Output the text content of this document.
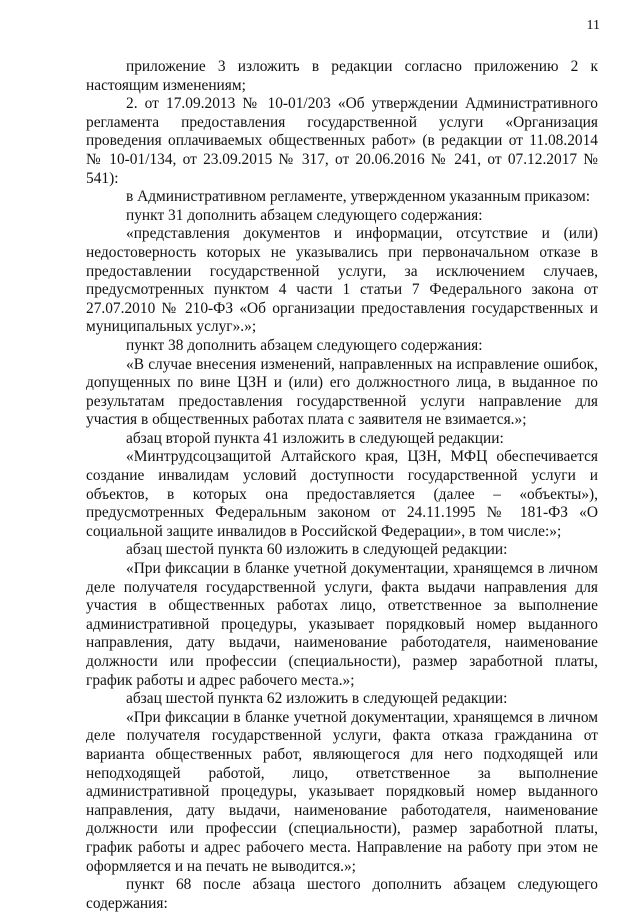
11

приложение 3 изложить в редакции согласно приложению 2 к настоящим изменениям;

2. от 17.09.2013 № 10-01/203 «Об утверждении Административного регламента предоставления государственной услуги «Организация проведения оплачиваемых общественных работ» (в редакции от 11.08.2014 № 10-01/134, от 23.09.2015 № 317, от 20.06.2016 № 241, от 07.12.2017 № 541):

в Административном регламенте, утвержденном указанным приказом:

пункт 31 дополнить абзацем следующего содержания:

«представления документов и информации, отсутствие и (или) недостоверность которых не указывались при первоначальном отказе в предоставлении государственной услуги, за исключением случаев, предусмотренных пунктом 4 части 1 статьи 7 Федерального закона от 27.07.2010 № 210-ФЗ «Об организации предоставления государственных и муниципальных услуг».»;

пункт 38 дополнить абзацем следующего содержания:

«В случае внесения изменений, направленных на исправление ошибок, допущенных по вине ЦЗН и (или) его должностного лица, в выданное по результатам предоставления государственной услуги направление для участия в общественных работах плата с заявителя не взимается.»;

абзац второй пункта 41 изложить в следующей редакции:

«Минтрудсоцзащитой Алтайского края, ЦЗН, МФЦ обеспечивается создание инвалидам условий доступности государственной услуги и объектов, в которых она предоставляется (далее – «объекты»), предусмотренных Федеральным законом от 24.11.1995 № 181-ФЗ «О социальной защите инвалидов в Российской Федерации», в том числе:»;

абзац шестой пункта 60 изложить в следующей редакции:

«При фиксации в бланке учетной документации, хранящемся в личном деле получателя государственной услуги, факта выдачи направления для участия в общественных работах лицо, ответственное за выполнение административной процедуры, указывает порядковый номер выданного направления, дату выдачи, наименование работодателя, наименование должности или профессии (специальности), размер заработной платы, график работы и адрес рабочего места.»;

абзац шестой пункта 62 изложить в следующей редакции:

«При фиксации в бланке учетной документации, хранящемся в личном деле получателя государственной услуги, факта отказа гражданина от варианта общественных работ, являющегося для него подходящей или неподходящей работой, лицо, ответственное за выполнение административной процедуры, указывает порядковый номер выданного направления, дату выдачи, наименование работодателя, наименование должности или профессии (специальности), размер заработной платы, график работы и адрес рабочего места. Направление на работу при этом не оформляется и на печать не выводится.»;

пункт 68 после абзаца шестого дополнить абзацем следующего содержания:
